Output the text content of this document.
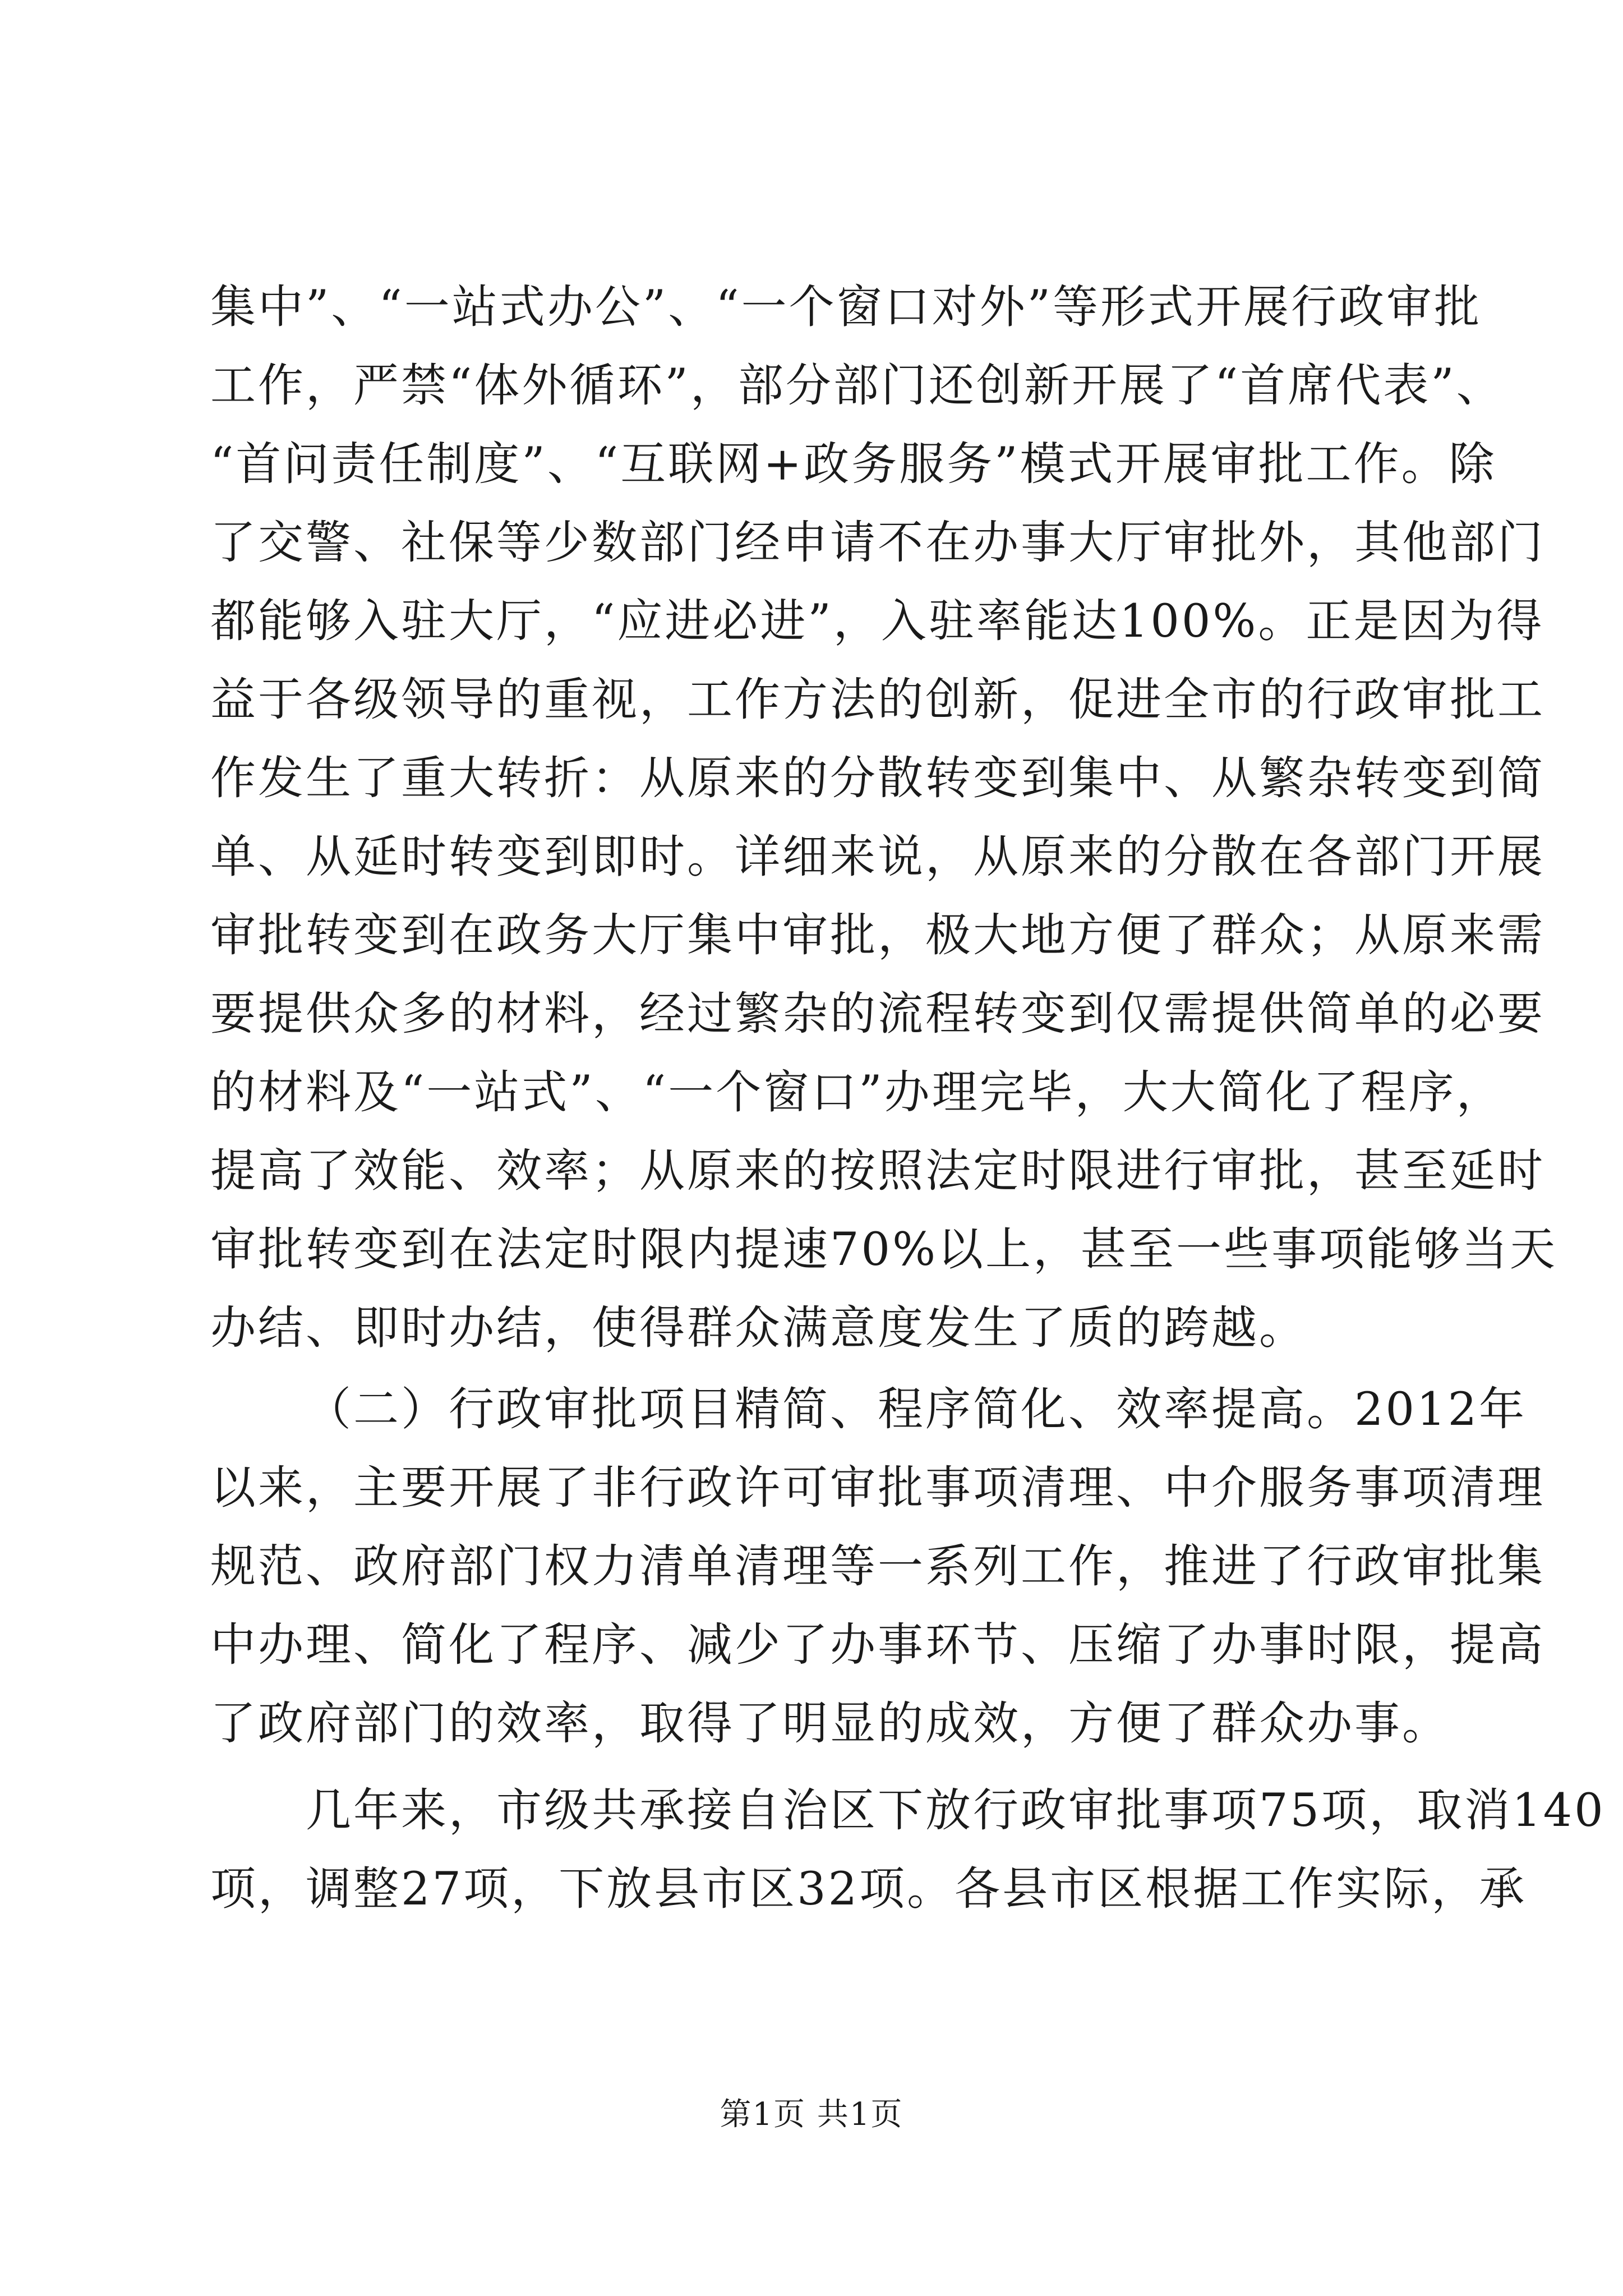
集中”、“一站式办公”、“一个窗口对外”等形式开展行政审批
工作，严禁“体外循环”，部分部门还创新开展了“首席代表”、
“首问责任制度”、“互联网+政务服务”模式开展审批工作。除
了交警、社保等少数部门经申请不在办事大厅审批外，其他部门
都能够入驻大厅，“应进必进”，入驻率能达100%。正是因为得
益于各级领导的重视，工作方法的创新，促进全市的行政审批工
作发生了重大转折：从原来的分散转变到集中、从繁杂转变到简
单、从延时转变到即时。详细来说，从原来的分散在各部门开展
审批转变到在政务大厅集中审批，极大地方便了群众；从原来需
要提供众多的材料，经过繁杂的流程转变到仅需提供简单的必要
的材料及“一站式”、“一个窗口”办理完毕，大大简化了程序，
提高了效能、效率；从原来的按照法定时限进行审批，甚至延时
审批转变到在法定时限内提速70%以上，甚至一些事项能够当天
办结、即时办结，使得群众满意度发生了质的跨越。
（二）行政审批项目精简、程序简化、效率提高。2012年
以来，主要开展了非行政许可审批事项清理、中介服务事项清理
规范、政府部门权力清单清理等一系列工作，推进了行政审批集
中办理、简化了程序、减少了办事环节、压缩了办事时限，提高
了政府部门的效率，取得了明显的成效，方便了群众办事。
几年来，市级共承接自治区下放行政审批事项75项，取消140
项，调整27项，下放县市区32项。各县市区根据工作实际，承
第1页 共1页
